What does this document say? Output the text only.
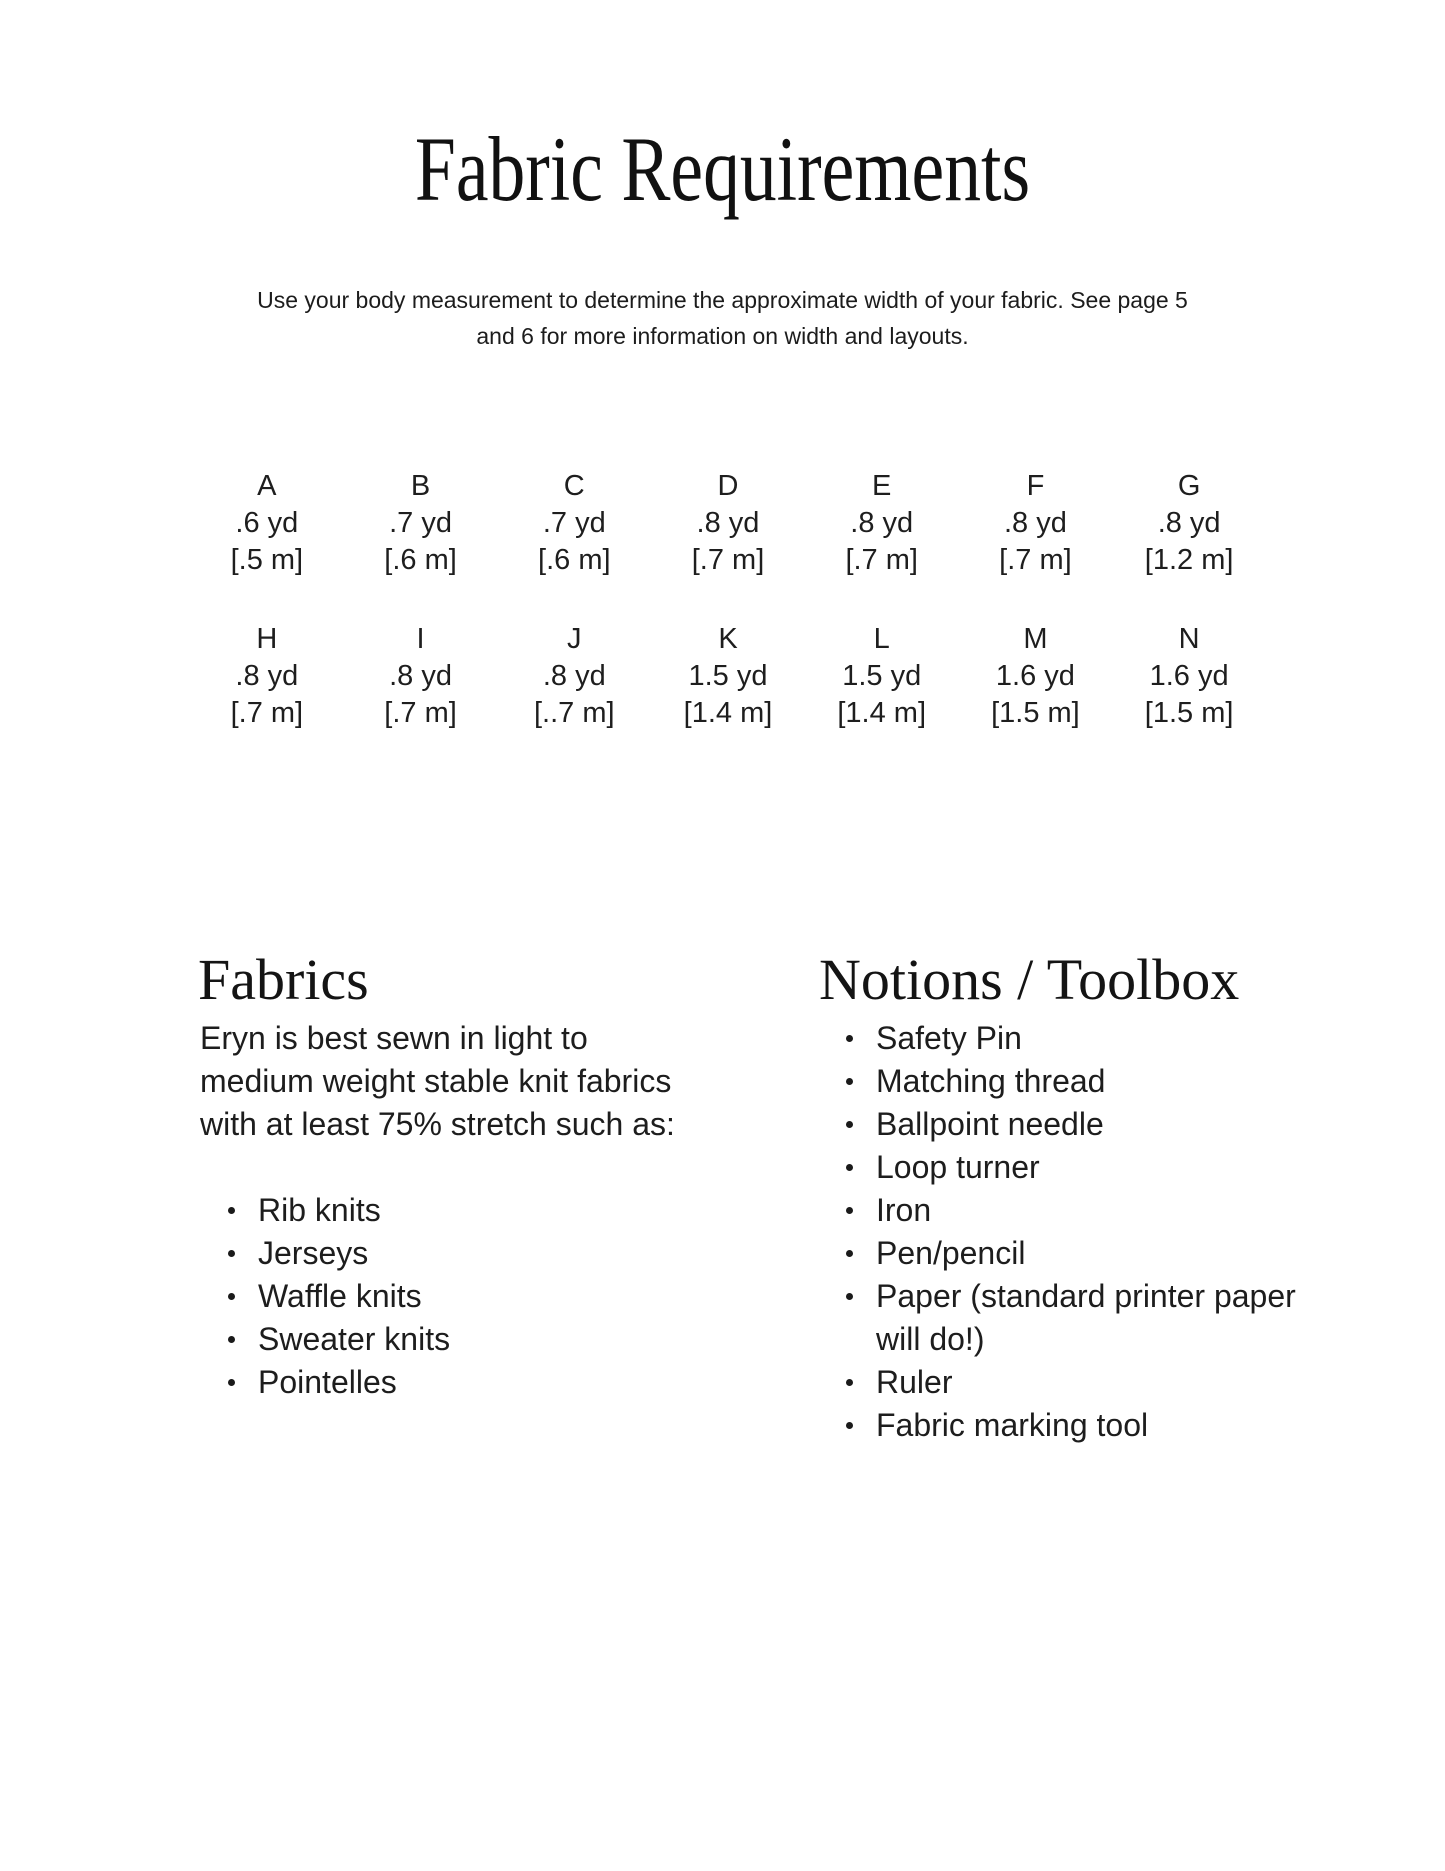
Fabric Requirements
Use your body measurement to determine the approximate width of your fabric. See page 5
and 6 for more information on width and layouts.
A
.6 yd
[.5 m]
B
.7 yd
[.6 m]
C
.7 yd
[.6 m]
D
.8 yd
[.7 m]
E
.8 yd
[.7 m]
F
.8 yd
[.7 m]
G
.8 yd
[1.2 m]
H
.8 yd
[.7 m]
I
.8 yd
[.7 m]
J
.8 yd
[..7 m]
K
1.5 yd
[1.4 m]
L
1.5 yd
[1.4 m]
M
1.6 yd
[1.5 m]
N
1.6 yd
[1.5 m]
Fabrics
Eryn is best sewn in light to
medium weight stable knit fabrics
with at least 75% stretch such as:
Rib knits
Jerseys
Waffle knits
Sweater knits
Pointelles
Notions / Toolbox
Safety Pin
Matching thread
Ballpoint needle
Loop turner
Iron
Pen/pencil
Paper (standard printer paper
will do!)
Ruler
Fabric marking tool
